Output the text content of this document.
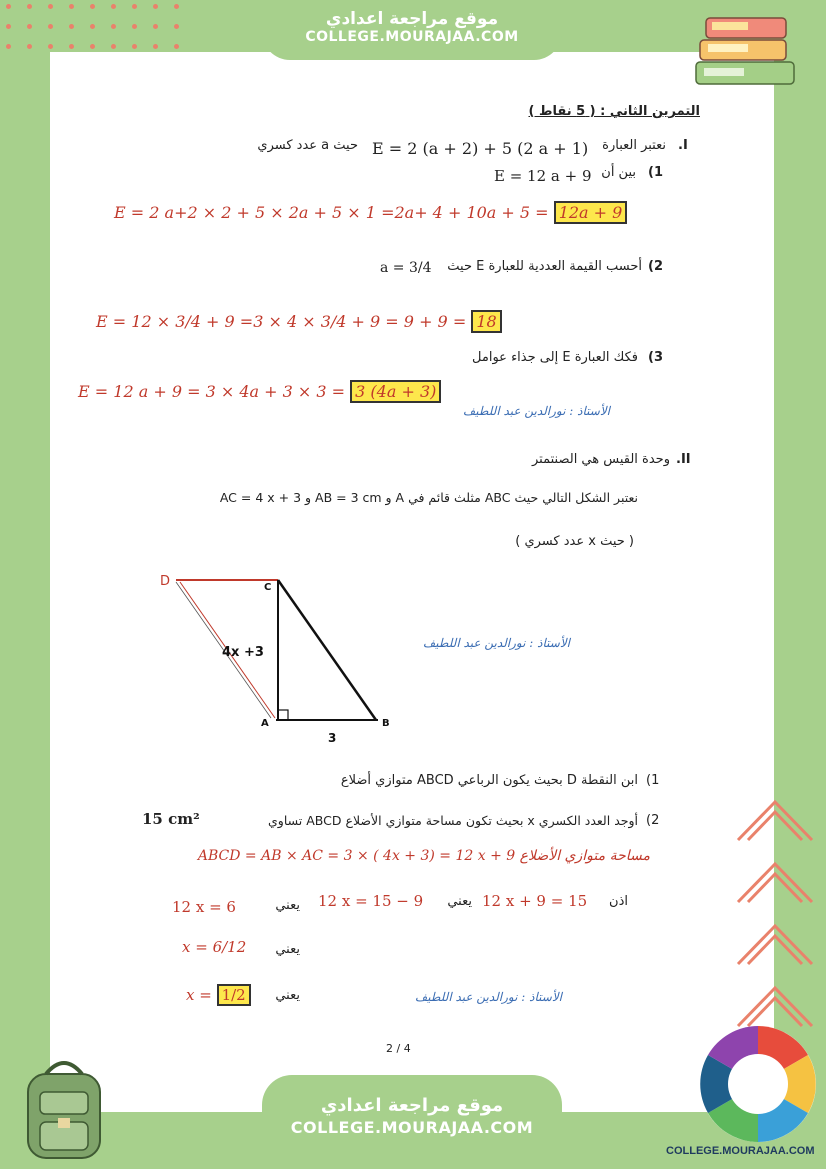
موقع مراجعة اعدادي
COLLEGE.MOURAJAA.COM
التمرين الثاني : ( 5 نقاط )
I.
نعتبر العبارة
E = 2 (a + 2) + 5 (2 a + 1)
حيث a عدد كسري
1)
بين أن
E = 12 a + 9
E = 2 a+2 × 2 + 5 × 2a + 5 × 1 =2a+ 4 + 10a + 5 = 12a + 9
2)
أحسب القيمة العددية للعبارة E حيث
a = 3/4
E = 12 × 3/4 + 9 =3 × 4 × 3/4 + 9 = 9 + 9 = 18
3)
فكك العبارة E إلى جذاء عوامل
E = 12 a + 9 = 3 × 4a + 3 × 3 = 3 (4a + 3)
الأستاذ : نورالدين عبد اللطيف
II.
وحدة القيس هي الصنتمتر
نعتبر الشكل التالي حيث ABC مثلث قائم في A و AB = 3 cm و AC = 4 x + 3
( حيث x عدد كسري )
D	C
A	B
4x +3
3
الأستاذ : نورالدين عبد اللطيف
1)
ابن النقطة D بحيث يكون الرباعي ABCD متوازي أضلاع
2)
أوجد العدد الكسري x بحيث تكون مساحة متوازي الأضلاع ABCD تساوي
15 cm²
مساحة متوازي الأضلاع ABCD = AB × AC = 3 × ( 4x + 3) = 12 x + 9
اذن
12 x + 9 = 15
يعني
12 x = 15 − 9
يعني
12 x = 6
يعني
x = 6/12
يعني
x = 1/2	الأستاذ : نورالدين عبد اللطيف
2 / 4
موقع مراجعة اعدادي
COLLEGE.MOURAJAA.COM
COLLEGE.MOURAJAA.COM
